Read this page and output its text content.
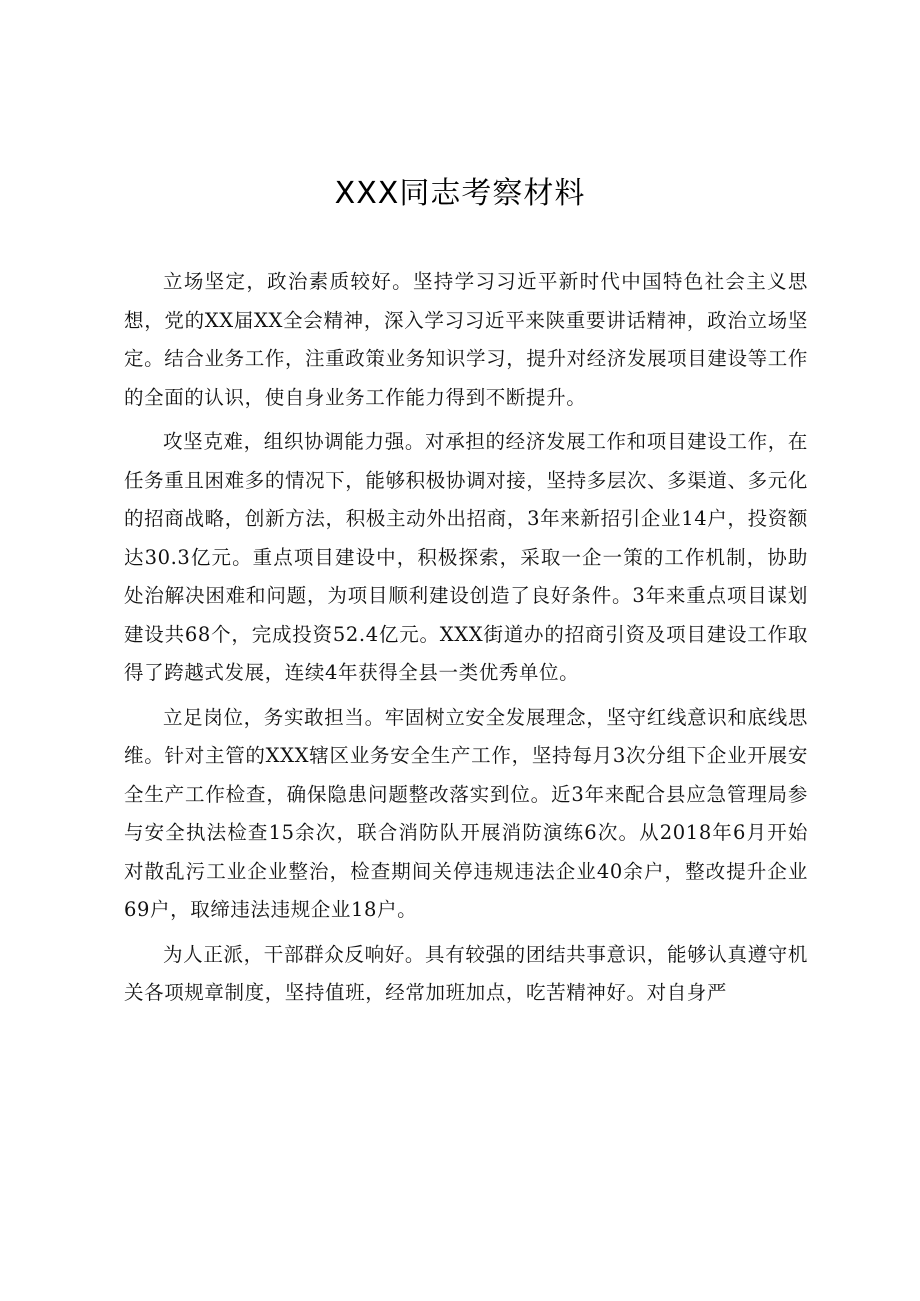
XXX同志考察材料

立场坚定，政治素质较好。坚持学习习近平新时代中国特色社会主义思想，党的XX届XX全会精神，深入学习习近平来陕重要讲话精神，政治立场坚定。结合业务工作，注重政策业务知识学习，提升对经济发展项目建设等工作的全面的认识，使自身业务工作能力得到不断提升。

攻坚克难，组织协调能力强。对承担的经济发展工作和项目建设工作，在任务重且困难多的情况下，能够积极协调对接，坚持多层次、多渠道、多元化的招商战略，创新方法，积极主动外出招商，3年来新招引企业14户，投资额达30.3亿元。重点项目建设中，积极探索，采取一企一策的工作机制，协助处治解决困难和问题，为项目顺利建设创造了良好条件。3年来重点项目谋划建设共68个，完成投资52.4亿元。XXX街道办的招商引资及项目建设工作取得了跨越式发展，连续4年获得全县一类优秀单位。

立足岗位，务实敢担当。牢固树立安全发展理念，坚守红线意识和底线思维。针对主管的XXX辖区业务安全生产工作，坚持每月3次分组下企业开展安全生产工作检查，确保隐患问题整改落实到位。近3年来配合县应急管理局参与安全执法检查15余次，联合消防队开展消防演练6次。从2018年6月开始对散乱污工业企业整治，检查期间关停违规违法企业40余户，整改提升企业69户，取缔违法违规企业18户。

为人正派，干部群众反响好。具有较强的团结共事意识，能够认真遵守机关各项规章制度，坚持值班，经常加班加点，吃苦精神好。对自身严
